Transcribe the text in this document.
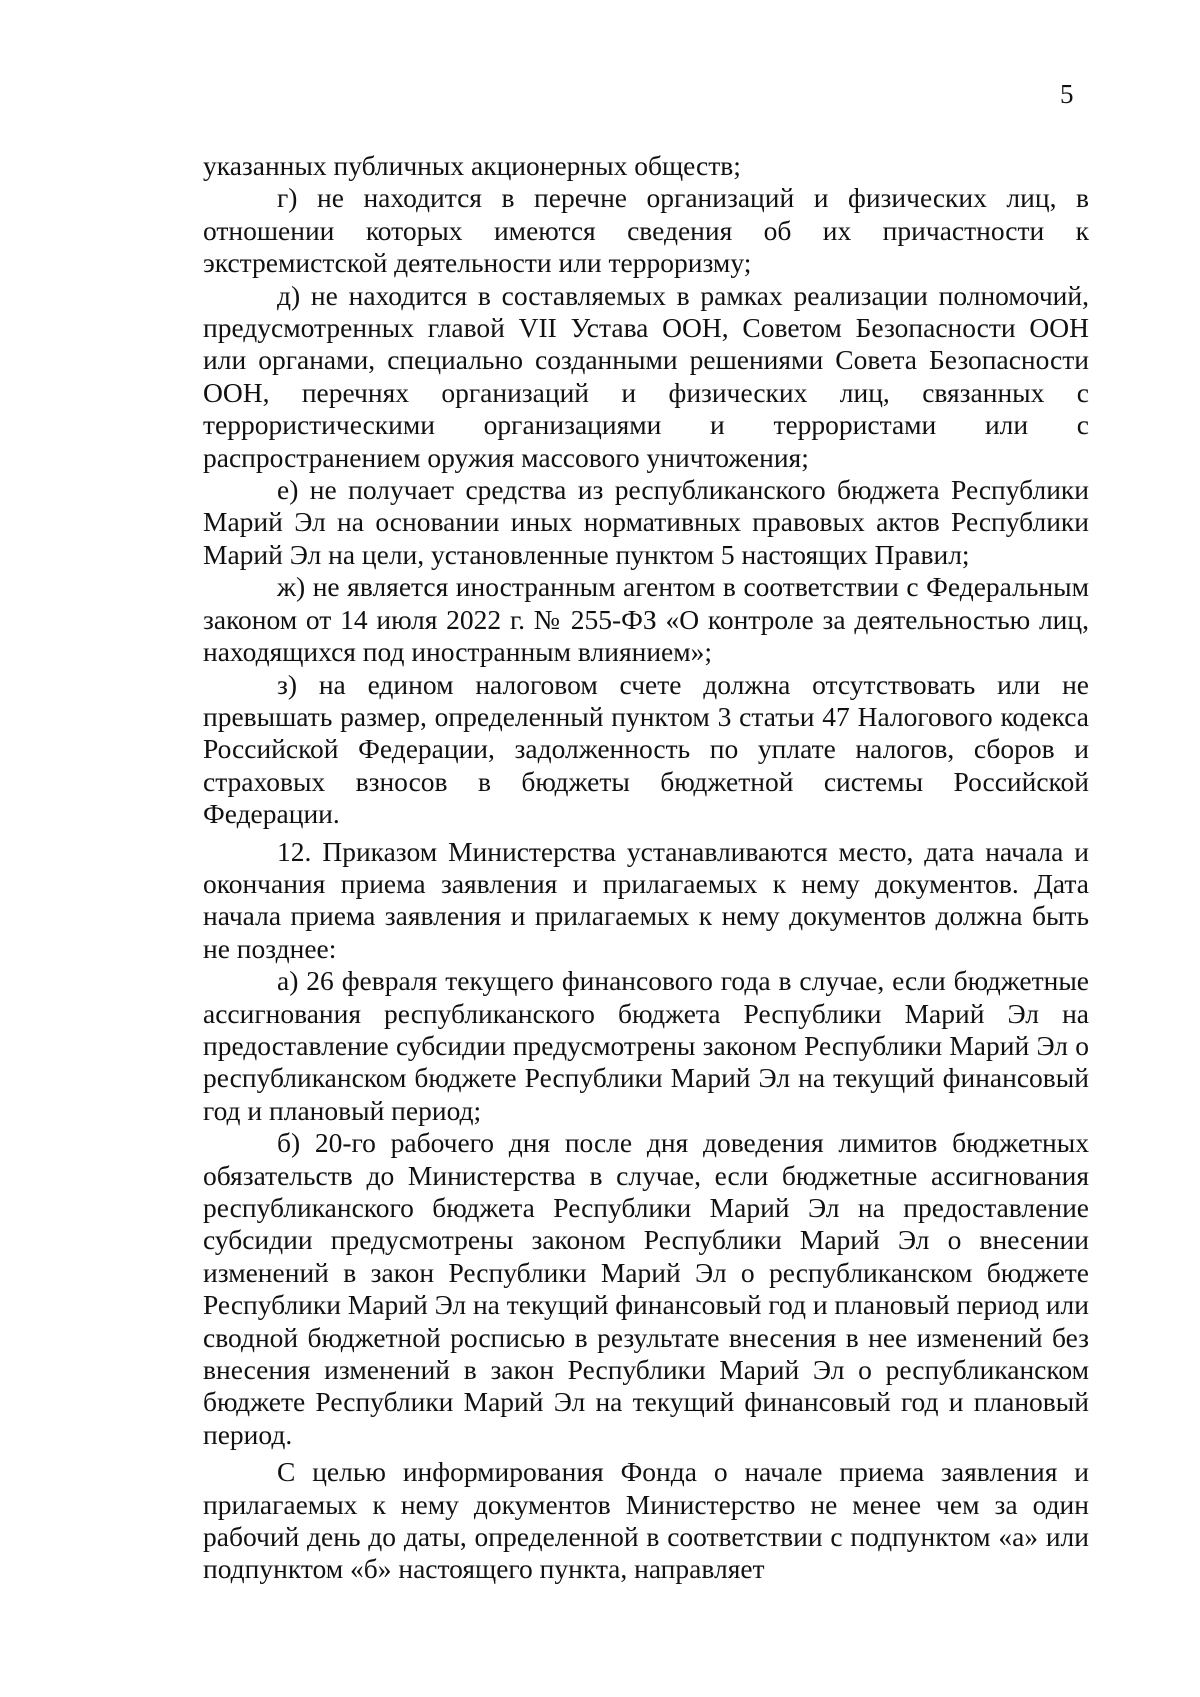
5

указанных публичных акционерных обществ;

г) не находится в перечне организаций и физических лиц, в отношении которых имеются сведения об их причастности к экстремистской деятельности или терроризму;

д) не находится в составляемых в рамках реализации полномочий, предусмотренных главой VII Устава ООН, Советом Безопасности ООН или органами, специально созданными решениями Совета Безопасности ООН, перечнях организаций и физических лиц, связанных с террористическими организациями и террористами или с распространением оружия массового уничтожения;

е) не получает средства из республиканского бюджета Республики Марий Эл на основании иных нормативных правовых актов Республики Марий Эл на цели, установленные пунктом 5 настоящих Правил;

ж) не является иностранным агентом в соответствии с Федеральным законом от 14 июля 2022 г. № 255-ФЗ «О контроле за деятельностью лиц, находящихся под иностранным влиянием»;

з) на едином налоговом счете должна отсутствовать или не превышать размер, определенный пунктом 3 статьи 47 Налогового кодекса Российской Федерации, задолженность по уплате налогов, сборов и страховых взносов в бюджеты бюджетной системы Российской Федерации.

12. Приказом Министерства устанавливаются место, дата начала и окончания приема заявления и прилагаемых к нему документов. Дата начала приема заявления и прилагаемых к нему документов должна быть не позднее:

а) 26 февраля текущего финансового года в случае, если бюджетные ассигнования республиканского бюджета Республики Марий Эл на предоставление субсидии предусмотрены законом Республики Марий Эл о республиканском бюджете Республики Марий Эл на текущий финансовый год и плановый период;

б) 20-го рабочего дня после дня доведения лимитов бюджетных обязательств до Министерства в случае, если бюджетные ассигнования республиканского бюджета Республики Марий Эл на предоставление субсидии предусмотрены законом Республики Марий Эл о внесении изменений в закон Республики Марий Эл о республиканском бюджете Республики Марий Эл на текущий финансовый год и плановый период или сводной бюджетной росписью в результате внесения в нее изменений без внесения изменений в закон Республики Марий Эл о республиканском бюджете Республики Марий Эл на текущий финансовый год и плановый период.

С целью информирования Фонда о начале приема заявления и прилагаемых к нему документов Министерство не менее чем за один рабочий день до даты, определенной в соответствии с подпунктом «а» или подпунктом «б» настоящего пункта, направляет
